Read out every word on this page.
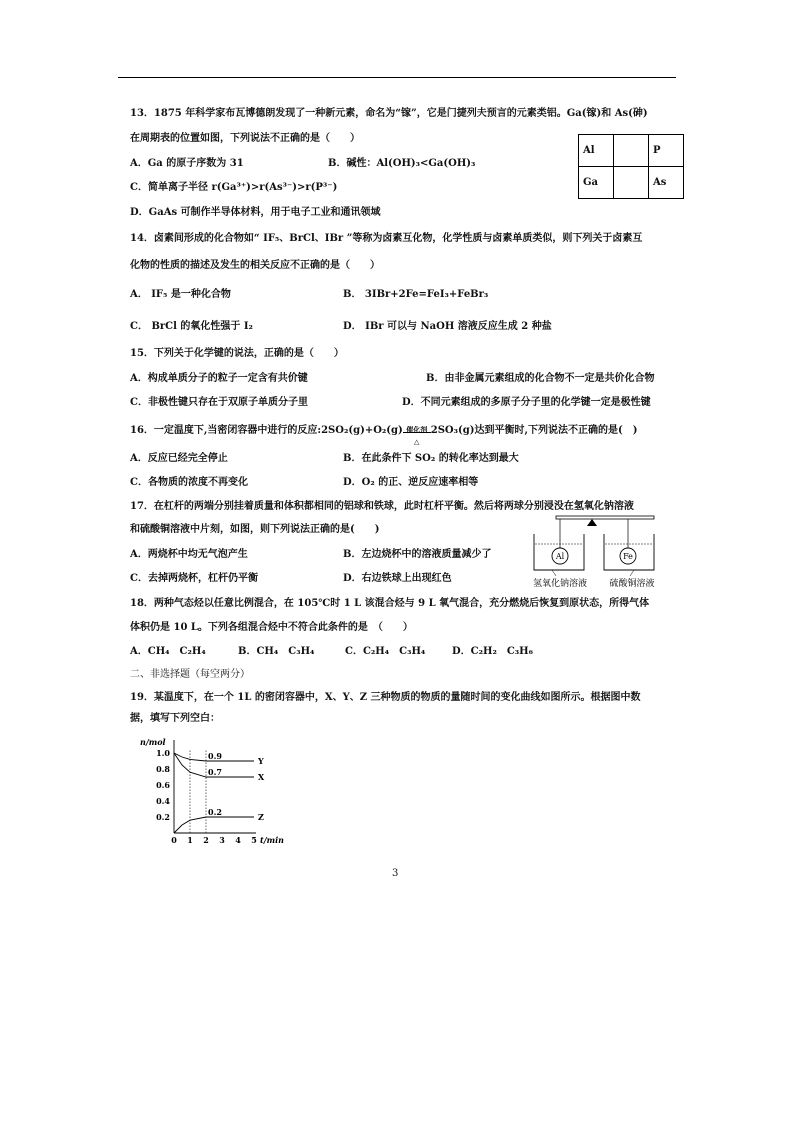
13．1875 年科学家布瓦博德朗发现了一种新元素，命名为“镓”，它是门捷列夫预言的元素类铝。Ga(镓)和 As(砷)
在周期表的位置如图，下列说法不正确的是（　　）
A．Ga 的原子序数为 31	B．碱性：Al(OH)₃<Ga(OH)₃
C．简单离子半径 r(Ga³⁺)>r(As³⁻)>r(P³⁻)
D．GaAs 可制作半导体材料，用于电子工业和通讯领域
Al		P
Ga		As
14．卤素间形成的化合物如“ IF₅、BrCl、IBr ”等称为卤素互化物，化学性质与卤素单质类似，则下列关于卤素互
化物的性质的描述及发生的相关反应不正确的是（　　）
A． IF₅ 是一种化合物	B． 3IBr+2Fe=FeI₃+FeBr₃
C． BrCl 的氧化性强于 I₂	D． IBr 可以与 NaOH 溶液反应生成 2 种盐
15．下列关于化学键的说法，正确的是（　　）
A．构成单质分子的粒子一定含有共价键	B．由非金属元素组成的化合物不一定是共价化合物
C．非极性键只存在于双原子单质分子里	D．不同元素组成的多原子分子里的化学键一定是极性键
16．一定温度下,当密闭容器中进行的反应:2SO₂(g)+O₂(g) 催化剂
△
2SO₃(g)达到平衡时,下列说法不正确的是(　)
A．反应已经完全停止	B．在此条件下 SO₂ 的转化率达到最大
C．各物质的浓度不再变化	D．O₂ 的正、逆反应速率相等
17．在杠杆的两端分别挂着质量和体积都相同的铝球和铁球，此时杠杆平衡。然后将两球分别浸没在氢氧化钠溶液
和硫酸铜溶液中片刻，如图，则下列说法正确的是(　　)
A．两烧杯中均无气泡产生	B．左边烧杯中的溶液质量减少了
C．去掉两烧杯，杠杆仍平衡	D．右边铁球上出现红色
Al	Fe
氢氧化钠溶液 硫酸铜溶液
18．两种气态烃以任意比例混合，在 105℃时 1 L 该混合烃与 9 L 氧气混合，充分燃烧后恢复到原状态，所得气体
体积仍是 10 L。下列各组混合烃中不符合此条件的是　（　　）
A．CH₄　C₂H₄	B．CH₄　C₃H₄	C．C₂H₄　C₃H₄	D．C₂H₂　C₃H₆
二、非选择题（每空两分）
19．某温度下，在一个 1L 的密闭容器中，X、Y、Z 三种物质的物质的量随时间的变化曲线如图所示。根据图中数
据，填写下列空白：
n/mol
t/min
0.2
0.4
0.6
0.8
1.0
0 1 2 3 4 5
0.9	Y
0.7	X
0.2	Z
3
